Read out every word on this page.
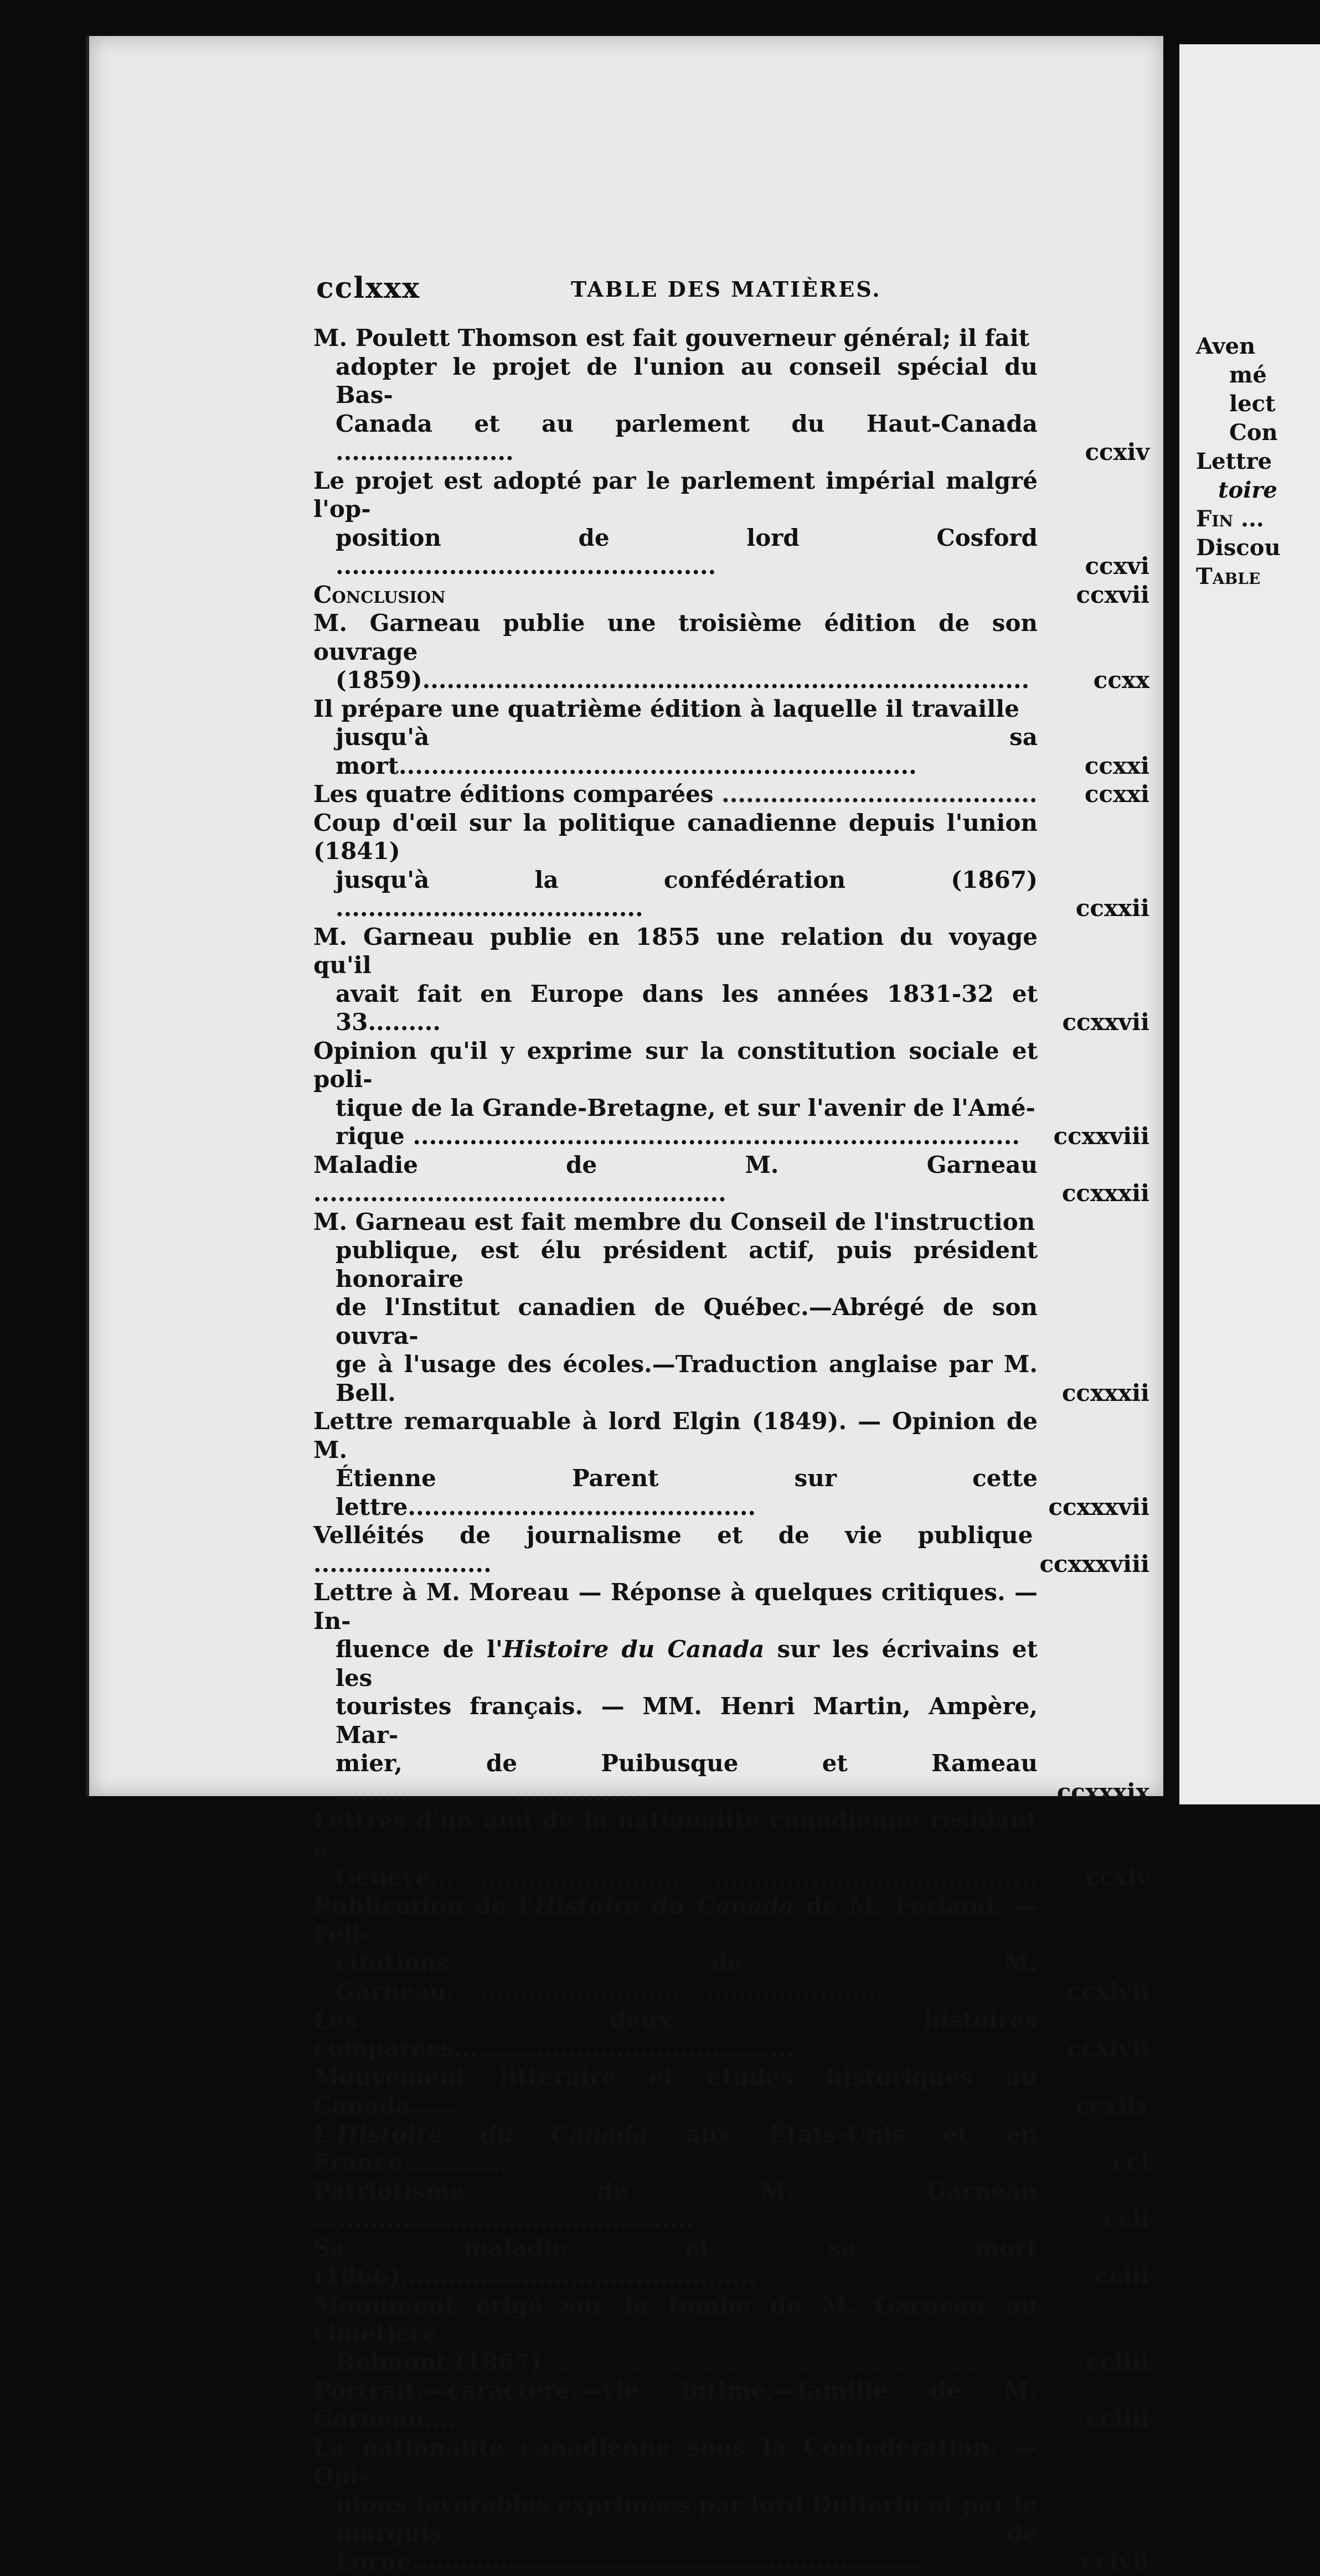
cclxxx	TABLE DES MATIÈRES.
M. Poulett Thomson est fait gouverneur général; il fait
adopter le projet de l'union au conseil spécial du Bas-
Canada et au parlement du Haut-Canada ......................	ccxiv
Le projet est adopté par le parlement impérial malgré l'op-
position de lord Cosford ...............................................	ccxvi
Conclusion	ccxvii
M. Garneau publie une troisième édition de son ouvrage
(1859)...........................................................................	ccxx
Il prépare une quatrième édition à laquelle il travaille
jusqu'à sa mort................................................................	ccxxi
Les quatre éditions comparées .......................................	ccxxi
Coup d'œil sur la politique canadienne depuis l'union (1841)
jusqu'à la confédération (1867) ......................................	ccxxii
M. Garneau publie en 1855 une relation du voyage qu'il
avait fait en Europe dans les années 1831-32 et 33.........	ccxxvii
Opinion qu'il y exprime sur la constitution sociale et poli-
tique de la Grande-Bretagne, et sur l'avenir de l'Amé-
rique ...........................................................................	ccxxviii
Maladie de M. Garneau ...................................................	ccxxxii
M. Garneau est fait membre du Conseil de l'instruction
publique, est élu président actif, puis président honoraire
de l'Institut canadien de Québec.—Abrégé de son ouvra-
ge à l'usage des écoles.—Traduction anglaise par M. Bell.	ccxxxii
Lettre remarquable à lord Elgin (1849). — Opinion de M.
Étienne Parent sur cette lettre...........................................	ccxxxvii
Velléités de journalisme et de vie publique ......................	ccxxxviii
Lettre à M. Moreau — Réponse à quelques critiques. — In-
fluence de l'Histoire du Canada sur les écrivains et les
touristes français. — MM. Henri Martin, Ampère, Mar-
mier, de Puibusque et Rameau ......................................	ccxxxix
Lettres d'un ami de la nationalité canadienne résidant à
Genève...........................................................................	ccxlv
Publication de l'Histoire du Canada de M. Ferland. — Féli-
citations de M. Garneau......................................................	ccxlvii
Les deux histoires comparées..........................................	ccxlvii
Mouvement littéraire et études historiques au Canada......	ccxlix
L'Histoire du Canada aux États-Unis et en France.............	ccl
Patriotisme de M. Garneau ...............................................	ccli
Sa maladie et sa mort (1866)............................................	cclii
Monument érigé sur la tombe de M. Garneau au cimetière
Belmont (1867)............................................................	ccliii
Portrait,—caractère,—vie intime,—famille de M. Garneau....	ccliii
La nationalité canadienne sous la Confédération. — Opi-
nions favorables exprimées par lord Dufferin et par le
marquis de Lorne...............................................................	cclvii
Aven
mé
lect
Con
Lettre
toire
Fin ...
Discou
Table
